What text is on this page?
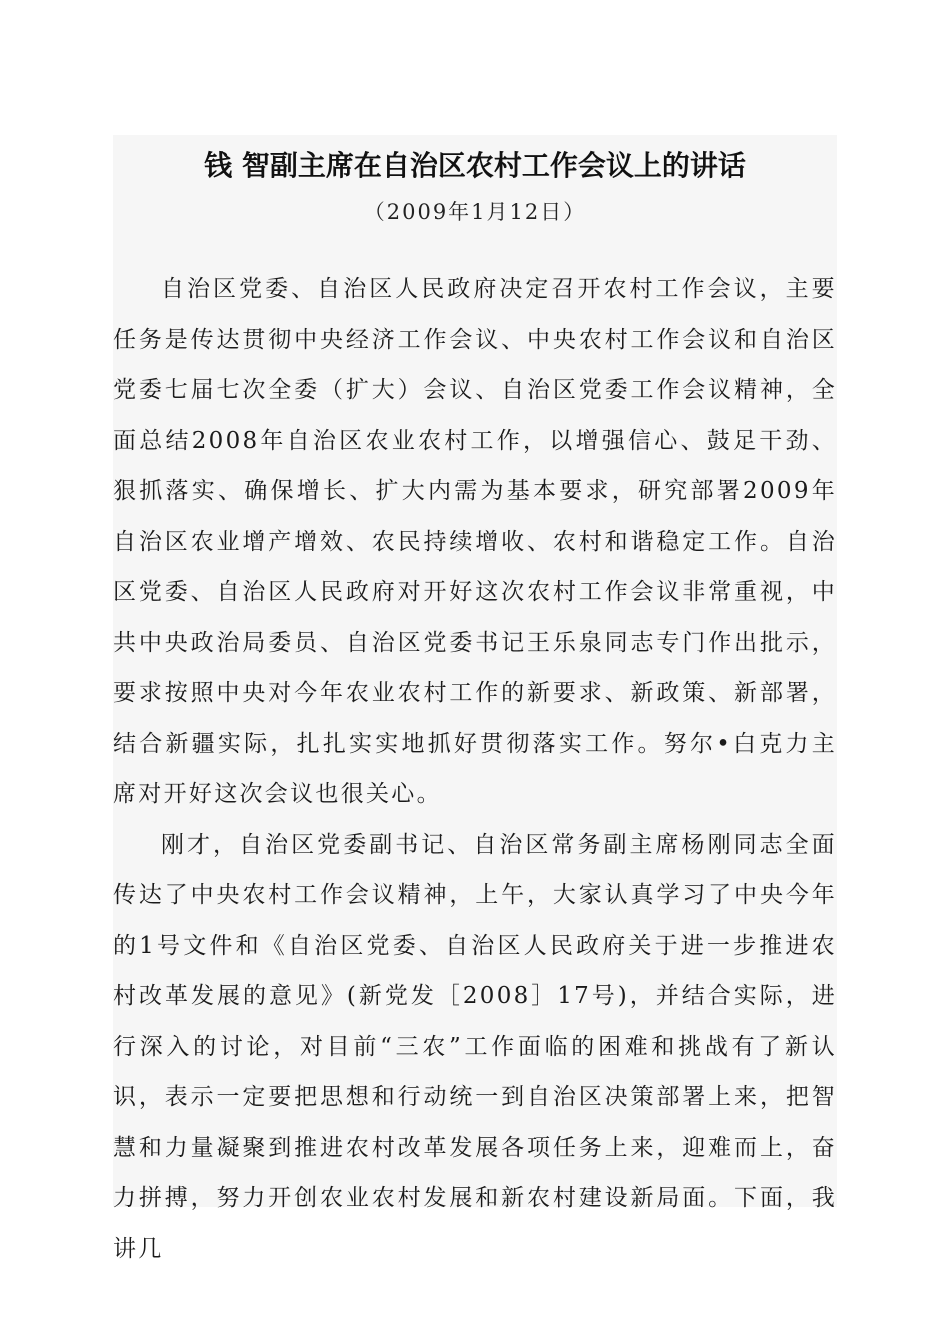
钱 智副主席在自治区农村工作会议上的讲话
（2009年1月12日）

自治区党委、自治区人民政府决定召开农村工作会议，主要任务是传达贯彻中央经济工作会议、中央农村工作会议和自治区党委七届七次全委（扩大）会议、自治区党委工作会议精神，全面总结2008年自治区农业农村工作，以增强信心、鼓足干劲、狠抓落实、确保增长、扩大内需为基本要求，研究部署2009年自治区农业增产增效、农民持续增收、农村和谐稳定工作。自治区党委、自治区人民政府对开好这次农村工作会议非常重视，中共中央政治局委员、自治区党委书记王乐泉同志专门作出批示，要求按照中央对今年农业农村工作的新要求、新政策、新部署，结合新疆实际，扎扎实实地抓好贯彻落实工作。努尔•白克力主席对开好这次会议也很关心。

刚才，自治区党委副书记、自治区常务副主席杨刚同志全面传达了中央农村工作会议精神，上午，大家认真学习了中央今年的1号文件和《自治区党委、自治区人民政府关于进一步推进农村改革发展的意见》(新党发［2008］17号)，并结合实际，进行深入的讨论，对目前“三农”工作面临的困难和挑战有了新认识，表示一定要把思想和行动统一到自治区决策部署上来，把智慧和力量凝聚到推进农村改革发展各项任务上来，迎难而上，奋力拼搏，努力开创农业农村发展和新农村建设新局面。下面，我讲几
